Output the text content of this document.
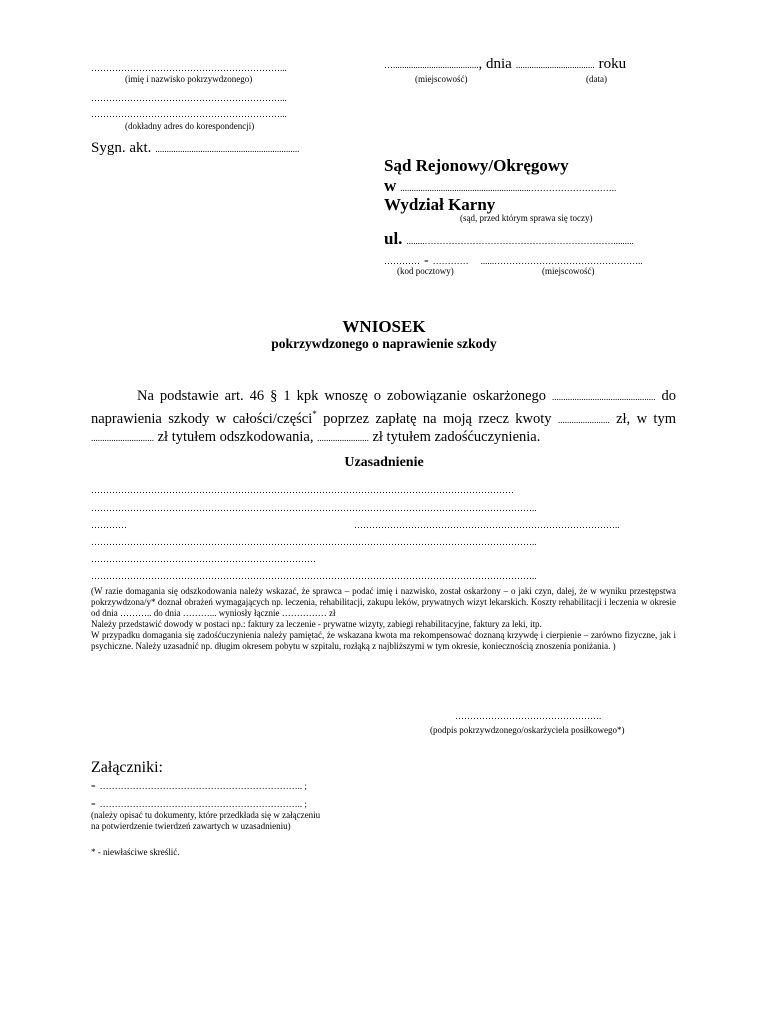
………………………………………………………...
(imię i nazwisko pokrzywdzonego)
………………………………………………………...
………………………………………………………...
(dokładny adres do korespondencji)
Sygn. akt. ................................................................
…......................................, dnia ................................... roku
(miejscowość)	(data)
Sąd Rejonowy/Okręgowy
w ..........................................................………………………..
Wydział Karny
(sąd, przed którym sprawa się toczy)
ul. ........……………………………………………………….........
………… - ………… ......…………………………………………..
(kod pocztowy)	(miejscowość)
WNIOSEK
pokrzywdzonego o naprawienie szkody
Na podstawie art. 46 § 1 kpk wnoszę o zobowiązanie oskarżonego .............................................. do naprawienia szkody w całości/części* poprzez zapłatę na moją rzecz kwoty ....................... zł, w tym ............................ zł tytułem odszkodowania, ....................... zł tytułem zadośćuczynienia.
Uzasadnienie
……………………………………………………………………………………………………………………………
…………………………………………………………………………………………………………………………………..
…………	……………………………………………………………………………..
…………………………………………………………………………………………………………………………………..
…………………………………………………………………
…………………………………………………………………………………………………………………………………..

(W razie domagania się odszkodowania należy wskazać, że sprawca – podać imię i nazwisko, został oskarżony – o jaki czyn, dalej, że w wyniku przestępstwa pokrzywdzona/y* doznał obrażeń wymagających np. leczenia, rehabilitacji, zakupu leków, prywatnych wizyt lekarskich. Koszty rehabilitacji i leczenia w okresie od dnia ……….. do dnia ………... wyniosły łącznie …………… zł

Należy przedstawić dowody w postaci np.: faktury za leczenie - prywatne wizyty, zabiegi rehabilitacyjne, faktury za leki, itp.

W przypadku domagania się zadośćuczynienia należy pamiętać, że wskazana kwota ma rekompensować doznaną krzywdę i cierpienie – zarówno fizyczne, jak i psychiczne. Należy uzasadnić np. długim okresem pobytu w szpitalu, rozłąką z najbliższymi w tym okresie, koniecznością znoszenia poniżania. )

………………………………………….
(podpis pokrzywdzonego/oskarżyciela posiłkowego*)
Załączniki:
- ………………………………………………………….. ;
- ………………………………………………………….. ;
(należy opisać tu dokumenty, które przedkłada się w załączeniu
na potwierdzenie twierdzeń zawartych w uzasadnieniu)
* - niewłaściwe skreślić.
